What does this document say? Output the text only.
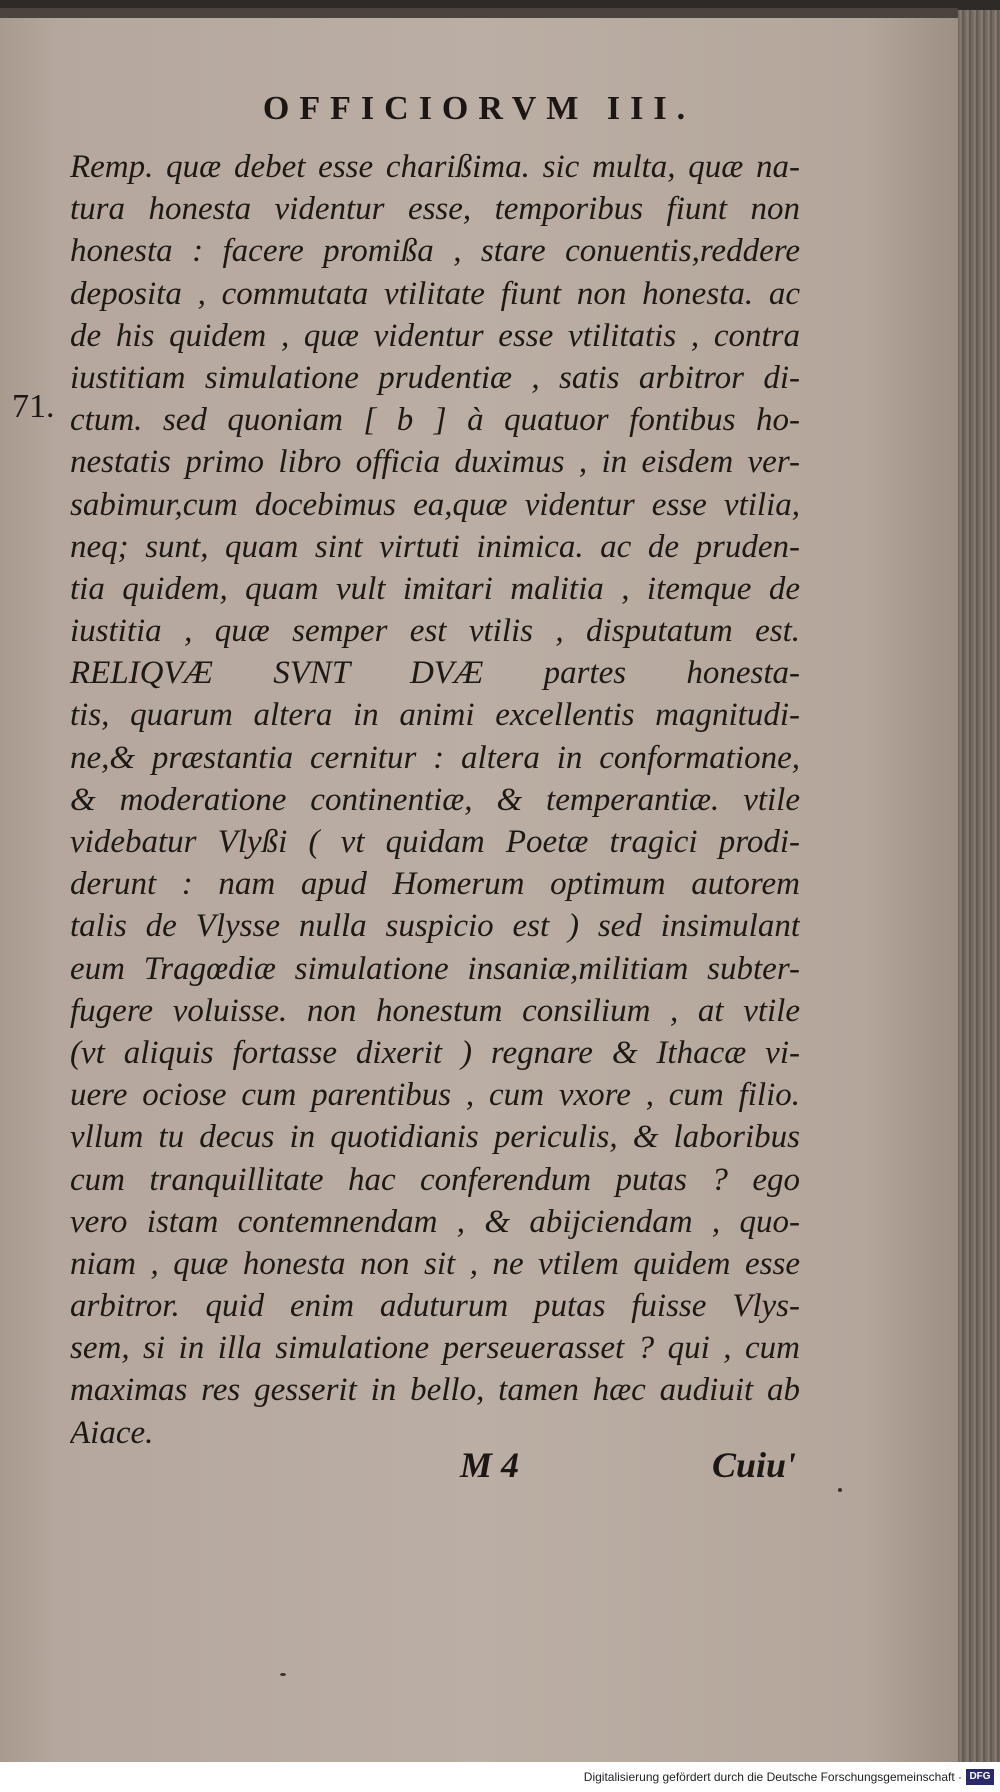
OFFICIORVM III.
71.
Remp. quæ debet esse charißima. sic multa, quæ na-
tura honesta videntur esse, temporibus fiunt non
honesta : facere promißa , stare conuentis,reddere
deposita , commutata vtilitate fiunt non honesta. ac
de his quidem , quæ videntur esse vtilitatis , contra
iustitiam simulatione prudentiæ , satis arbitror di-
ctum. sed quoniam [ b ] à quatuor fontibus ho-
nestatis primo libro officia duximus , in eisdem ver-
sabimur,cum docebimus ea,quæ videntur esse vtilia,
neq; sunt, quam sint virtuti inimica. ac de pruden-
tia quidem, quam vult imitari malitia , itemque de
iustitia , quæ semper est vtilis , disputatum est.
RELIQVÆ SVNT DVÆ partes honesta-
tis, quarum altera in animi excellentis magnitudi-
ne,& præstantia cernitur : altera in conformatione,
& moderatione continentiæ, & temperantiæ. vtile
videbatur Vlyßi ( vt quidam Poetæ tragici prodi-
derunt : nam apud Homerum optimum autorem
talis de Vlysse nulla suspicio est ) sed insimulant
eum Tragœdiæ simulatione insaniæ,militiam subter-
fugere voluisse. non honestum consilium , at vtile
(vt aliquis fortasse dixerit ) regnare & Ithacæ vi-
uere ociose cum parentibus , cum vxore , cum filio.
vllum tu decus in quotidianis periculis, & laboribus
cum tranquillitate hac conferendum putas ? ego
vero istam contemnendam , & abijciendam , quo-
niam , quæ honesta non sit , ne vtilem quidem esse
arbitror. quid enim aduturum putas fuisse Vlys-
sem, si in illa simulatione perseuerasset ? qui , cum
maximas res gesserit in bello, tamen hæc audiuit ab
Aiace.
M 4	Cuiu'
Digitalisierung gefördert durch die Deutsche Forschungsgemeinschaft · DFG
